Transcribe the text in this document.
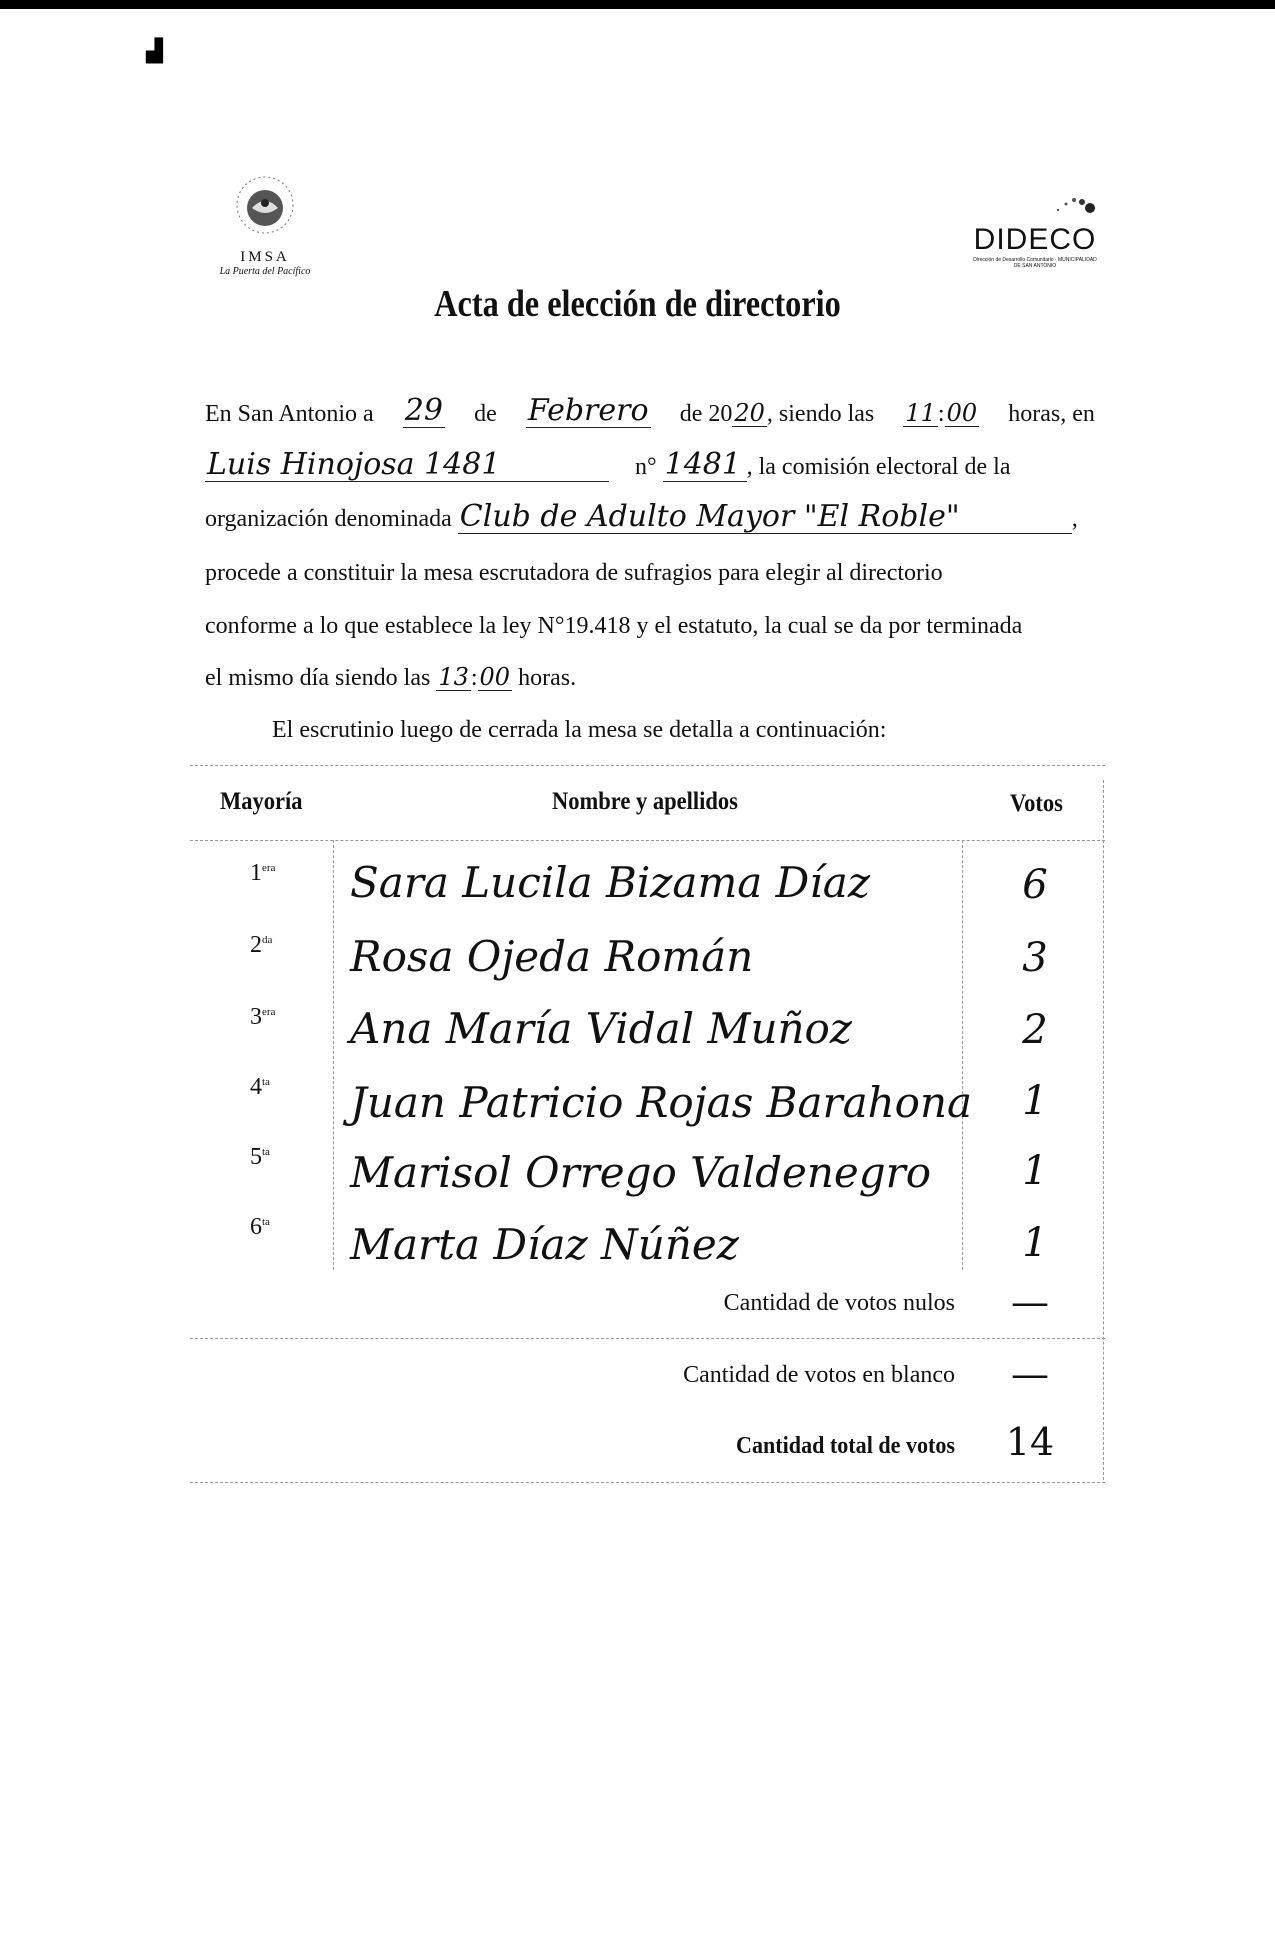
▟
IMSA
La Puerta del Pacífico
DIDECO
Dirección de Desarrollo Comunitario · MUNICIPALIDAD DE SAN ANTONIO
Acta de elección de directorio
En San Antonio a 29 de Febrero de 2020, siendo las 11:00 horas, en
Luis Hinojosa 1481	n° 1481 , la comisión electoral de la
organización denominada Club de Adulto Mayor "El Roble"	,
procede a constituir la mesa escrutadora de sufragios para elegir al directorio
conforme a lo que establece la ley N°19.418 y el estatuto, la cual se da por terminada
el mismo día siendo las 13:00 horas.
El escrutinio luego de cerrada la mesa se detalla a continuación:
Mayoría	Nombre y apellidos	Votos
$1^{era}$ Sara Lucila Bizama Díaz	6
$2^{da}$ Rosa Ojeda Román	3
$3^{era}$ Ana María Vidal Muñoz	2
$4^{ta}$ Juan Patricio Rojas Barahona	1
$5^{ta}$ Marisol Orrego Valdenegro	1
$6^{ta}$ Marta Díaz Núñez	1
Cantidad de votos nulos —
Cantidad de votos en blanco —
Cantidad total de votos 14
